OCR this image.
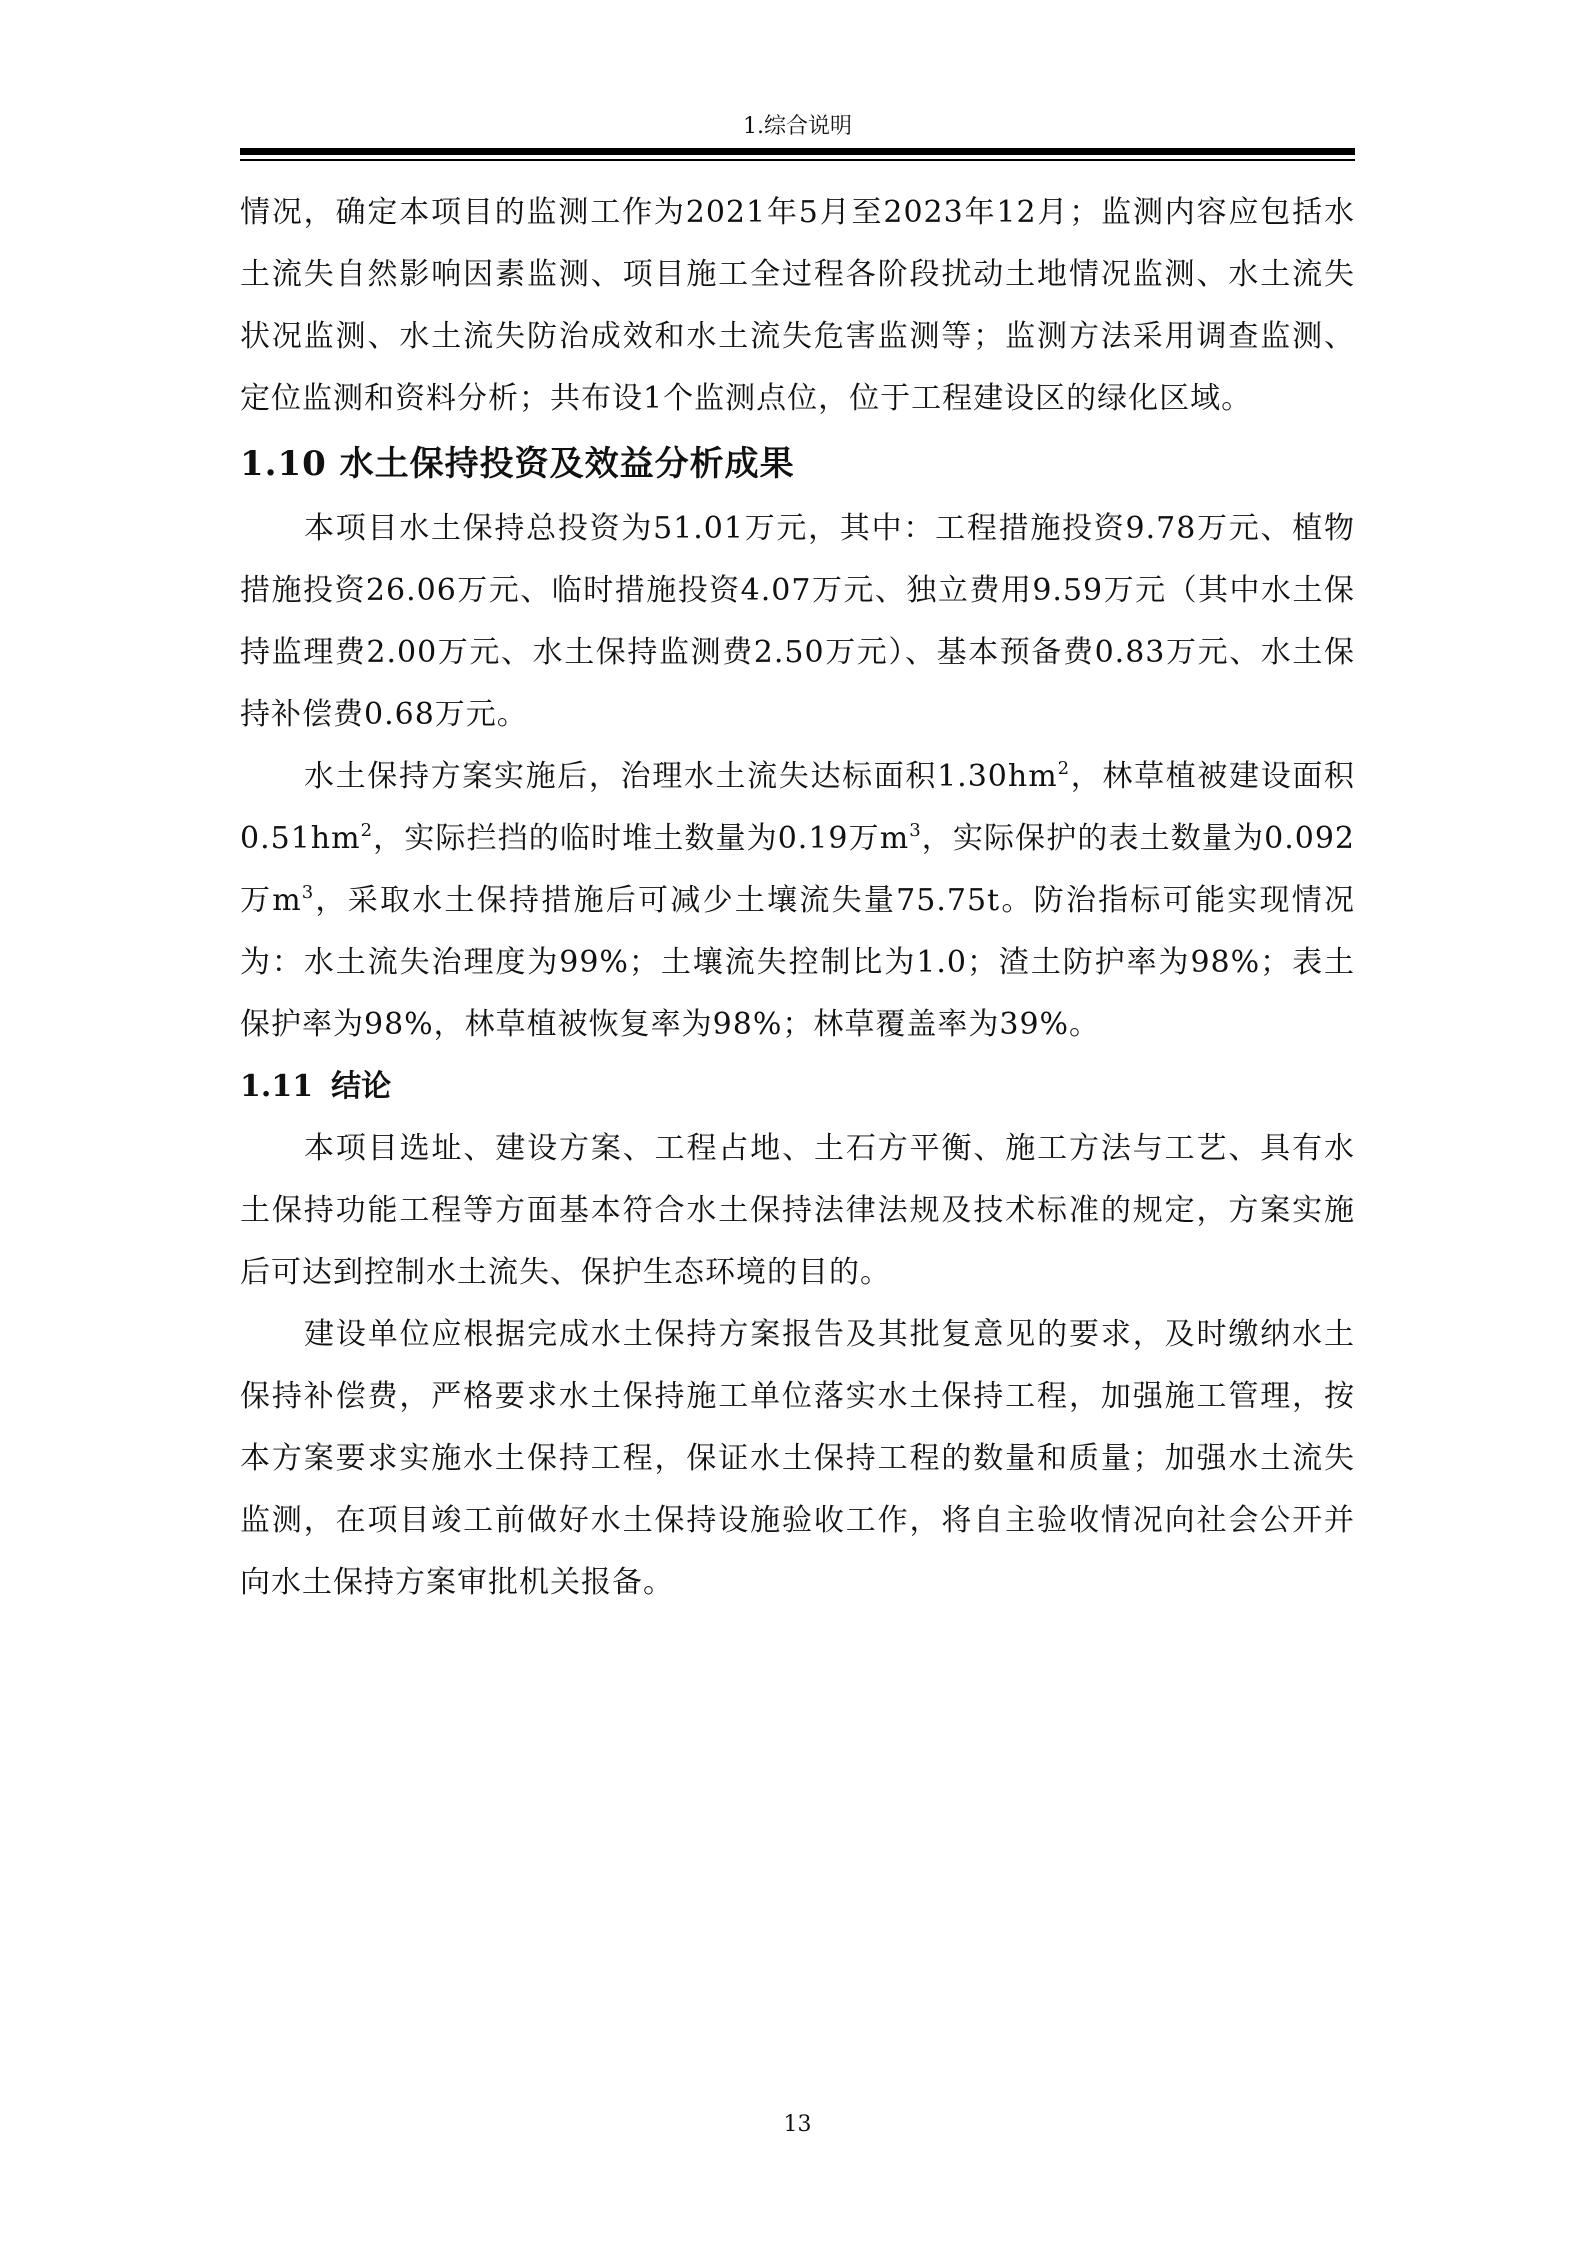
1.综合说明

情况，确定本项目的监测工作为2021年5月至2023年12月；监测内容应包括水土流失自然影响因素监测、项目施工全过程各阶段扰动土地情况监测、水土流失状况监测、水土流失防治成效和水土流失危害监测等；监测方法采用调查监测、定位监测和资料分析；共布设1个监测点位，位于工程建设区的绿化区域。

1.10 水土保持投资及效益分析成果

本项目水土保持总投资为51.01万元，其中：工程措施投资9.78万元、植物措施投资26.06万元、临时措施投资4.07万元、独立费用9.59万元（其中水土保持监理费2.00万元、水土保持监测费2.50万元）、基本预备费0.83万元、水土保持补偿费0.68万元。

水土保持方案实施后，治理水土流失达标面积$1.30hm^2$，林草植被建设面积$0.51hm^2$，实际拦挡的临时堆土数量为0.19万$m^3$，实际保护的表土数量为0.092万$m^3$，采取水土保持措施后可减少土壤流失量75.75t。防治指标可能实现情况为：水土流失治理度为99%；土壤流失控制比为1.0；渣土防护率为98%；表土保护率为98%，林草植被恢复率为98%；林草覆盖率为39%。

1.11 结论

本项目选址、建设方案、工程占地、土石方平衡、施工方法与工艺、具有水土保持功能工程等方面基本符合水土保持法律法规及技术标准的规定，方案实施后可达到控制水土流失、保护生态环境的目的。

建设单位应根据完成水土保持方案报告及其批复意见的要求，及时缴纳水土保持补偿费，严格要求水土保持施工单位落实水土保持工程，加强施工管理，按本方案要求实施水土保持工程，保证水土保持工程的数量和质量；加强水土流失监测，在项目竣工前做好水土保持设施验收工作，将自主验收情况向社会公开并向水土保持方案审批机关报备。

13
